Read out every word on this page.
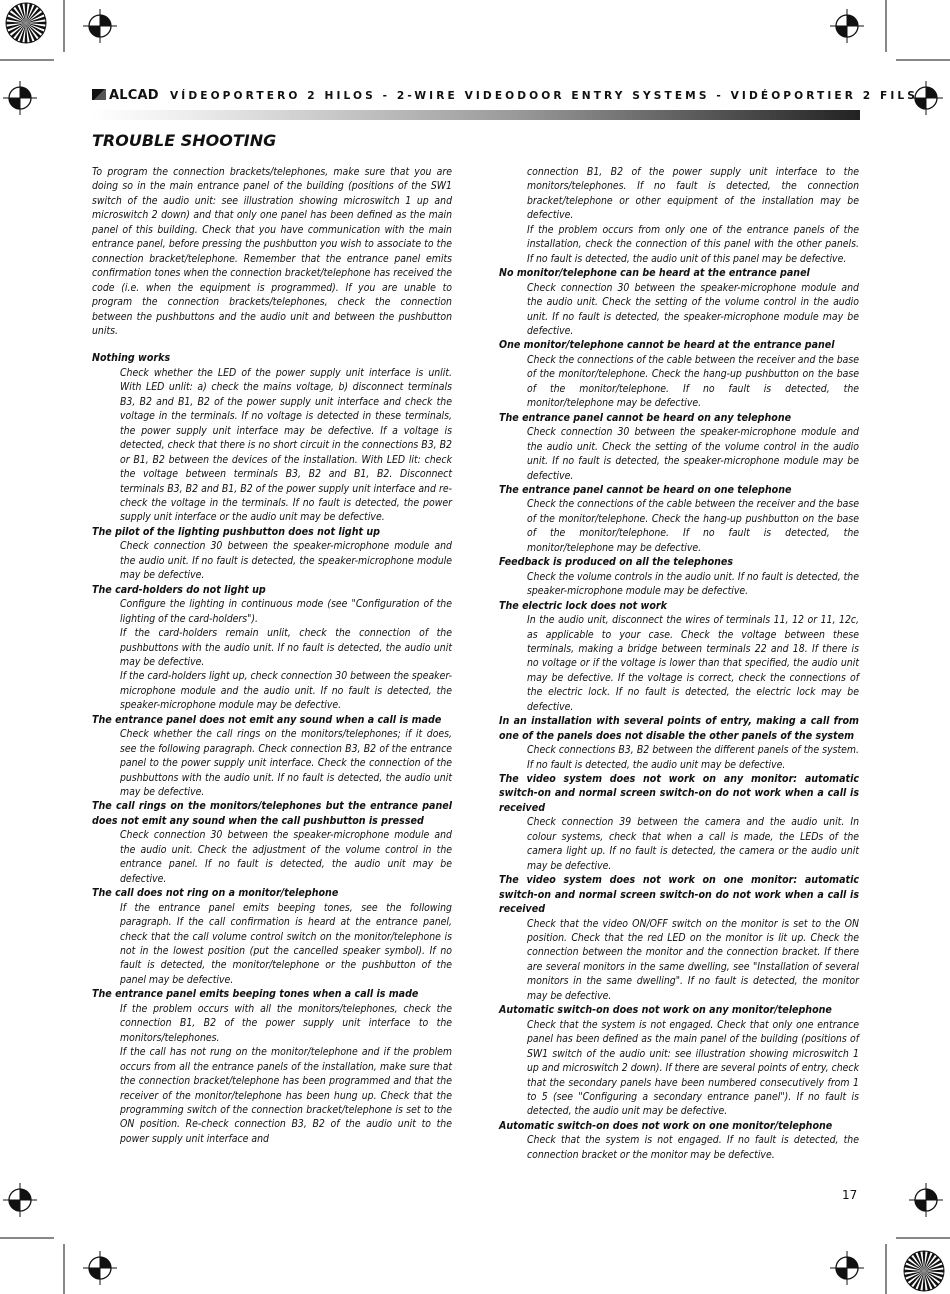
ALCAD VÍDEOPORTERO 2 HILOS - 2-WIRE VIDEODOOR ENTRY SYSTEMS - VIDÉOPORTIER 2 FILS
TROUBLE SHOOTING

To program the connection brackets/telephones, make sure that you are doing so in the main entrance panel of the building (positions of the SW1 switch of the audio unit: see illustration showing microswitch 1 up and microswitch 2 down) and that only one panel has been defined as the main panel of this building. Check that you have communication with the main entrance panel, before pressing the pushbutton you wish to associate to the connection bracket/telephone. Remember that the entrance panel emits confirmation tones when the connection bracket/telephone has received the code (i.e. when the equipment is programmed). If you are unable to program the connection brackets/telephones, check the connection between the pushbuttons and the audio unit and between the pushbutton units.

Nothing works

Check whether the LED of the power supply unit interface is unlit. With LED unlit: a) check the mains voltage, b) disconnect terminals B3, B2 and B1, B2 of the power supply unit interface and check the voltage in the terminals. If no voltage is detected in these terminals, the power supply unit interface may be defective. If a voltage is detected, check that there is no short circuit in the connections B3, B2 or B1, B2 between the devices of the installation. With LED lit: check the voltage between terminals B3, B2 and B1, B2. Disconnect terminals B3, B2 and B1, B2 of the power supply unit interface and re-check the voltage in the terminals. If no fault is detected, the power supply unit interface or the audio unit may be defective.

The pilot of the lighting pushbutton does not light up

Check connection 30 between the speaker-microphone module and the audio unit. If no fault is detected, the speaker-microphone module may be defective.

The card-holders do not light up

Configure the lighting in continuous mode (see "Configuration of the lighting of the card-holders").

If the card-holders remain unlit, check the connection of the pushbuttons with the audio unit. If no fault is detected, the audio unit may be defective.

If the card-holders light up, check connection 30 between the speaker-microphone module and the audio unit. If no fault is detected, the speaker-microphone module may be defective.

The entrance panel does not emit any sound when a call is made

Check whether the call rings on the monitors/telephones; if it does, see the following paragraph. Check connection B3, B2 of the entrance panel to the power supply unit interface. Check the connection of the pushbuttons with the audio unit. If no fault is detected, the audio unit may be defective.

The call rings on the monitors/telephones but the entrance panel does not emit any sound when the call pushbutton is pressed

Check connection 30 between the speaker-microphone module and the audio unit. Check the adjustment of the volume control in the entrance panel. If no fault is detected, the audio unit may be defective.

The call does not ring on a monitor/telephone

If the entrance panel emits beeping tones, see the following paragraph. If the call confirmation is heard at the entrance panel, check that the call volume control switch on the monitor/telephone is not in the lowest position (put the cancelled speaker symbol). If no fault is detected, the monitor/telephone or the pushbutton of the panel may be defective.

The entrance panel emits beeping tones when a call is made

If the problem occurs with all the monitors/telephones, check the connection B1, B2 of the power supply unit interface to the monitors/telephones.

If the call has not rung on the monitor/telephone and if the problem occurs from all the entrance panels of the installation, make sure that the connection bracket/telephone has been programmed and that the receiver of the monitor/telephone has been hung up. Check that the programming switch of the connection bracket/telephone is set to the ON position. Re-check connection B3, B2 of the audio unit to the power supply unit interface and

connection B1, B2 of the power supply unit interface to the monitors/telephones. If no fault is detected, the connection bracket/telephone or other equipment of the installation may be defective.

If the problem occurs from only one of the entrance panels of the installation, check the connection of this panel with the other panels. If no fault is detected, the audio unit of this panel may be defective.

No monitor/telephone can be heard at the entrance panel

Check connection 30 between the speaker-microphone module and the audio unit. Check the setting of the volume control in the audio unit. If no fault is detected, the speaker-microphone module may be defective.

One monitor/telephone cannot be heard at the entrance panel

Check the connections of the cable between the receiver and the base of the monitor/telephone. Check the hang-up pushbutton on the base of the monitor/telephone. If no fault is detected, the monitor/telephone may be defective.

The entrance panel cannot be heard on any telephone

Check connection 30 between the speaker-microphone module and the audio unit. Check the setting of the volume control in the audio unit. If no fault is detected, the speaker-microphone module may be defective.

The entrance panel cannot be heard on one telephone

Check the connections of the cable between the receiver and the base of the monitor/telephone. Check the hang-up pushbutton on the base of the monitor/telephone. If no fault is detected, the monitor/telephone may be defective.

Feedback is produced on all the telephones

Check the volume controls in the audio unit. If no fault is detected, the speaker-microphone module may be defective.

The electric lock does not work

In the audio unit, disconnect the wires of terminals 11, 12 or 11, 12c, as applicable to your case. Check the voltage between these terminals, making a bridge between terminals 22 and 18. If there is no voltage or if the voltage is lower than that specified, the audio unit may be defective. If the voltage is correct, check the connections of the electric lock. If no fault is detected, the electric lock may be defective.

In an installation with several points of entry, making a call from one of the panels does not disable the other panels of the system

Check connections B3, B2 between the different panels of the system. If no fault is detected, the audio unit may be defective.

The video system does not work on any monitor: automatic switch-on and normal screen switch-on do not work when a call is received

Check connection 39 between the camera and the audio unit. In colour systems, check that when a call is made, the LEDs of the camera light up. If no fault is detected, the camera or the audio unit may be defective.

The video system does not work on one monitor: automatic switch-on and normal screen switch-on do not work when a call is received

Check that the video ON/OFF switch on the monitor is set to the ON position. Check that the red LED on the monitor is lit up. Check the connection between the monitor and the connection bracket. If there are several monitors in the same dwelling, see "Installation of several monitors in the same dwelling". If no fault is detected, the monitor may be defective.

Automatic switch-on does not work on any monitor/telephone

Check that the system is not engaged. Check that only one entrance panel has been defined as the main panel of the building (positions of SW1 switch of the audio unit: see illustration showing microswitch 1 up and microswitch 2 down). If there are several points of entry, check that the secondary panels have been numbered consecutively from 1 to 5 (see "Configuring a secondary entrance panel"). If no fault is detected, the audio unit may be defective.

Automatic switch-on does not work on one monitor/telephone

Check that the system is not engaged. If no fault is detected, the connection bracket or the monitor may be defective.

17
